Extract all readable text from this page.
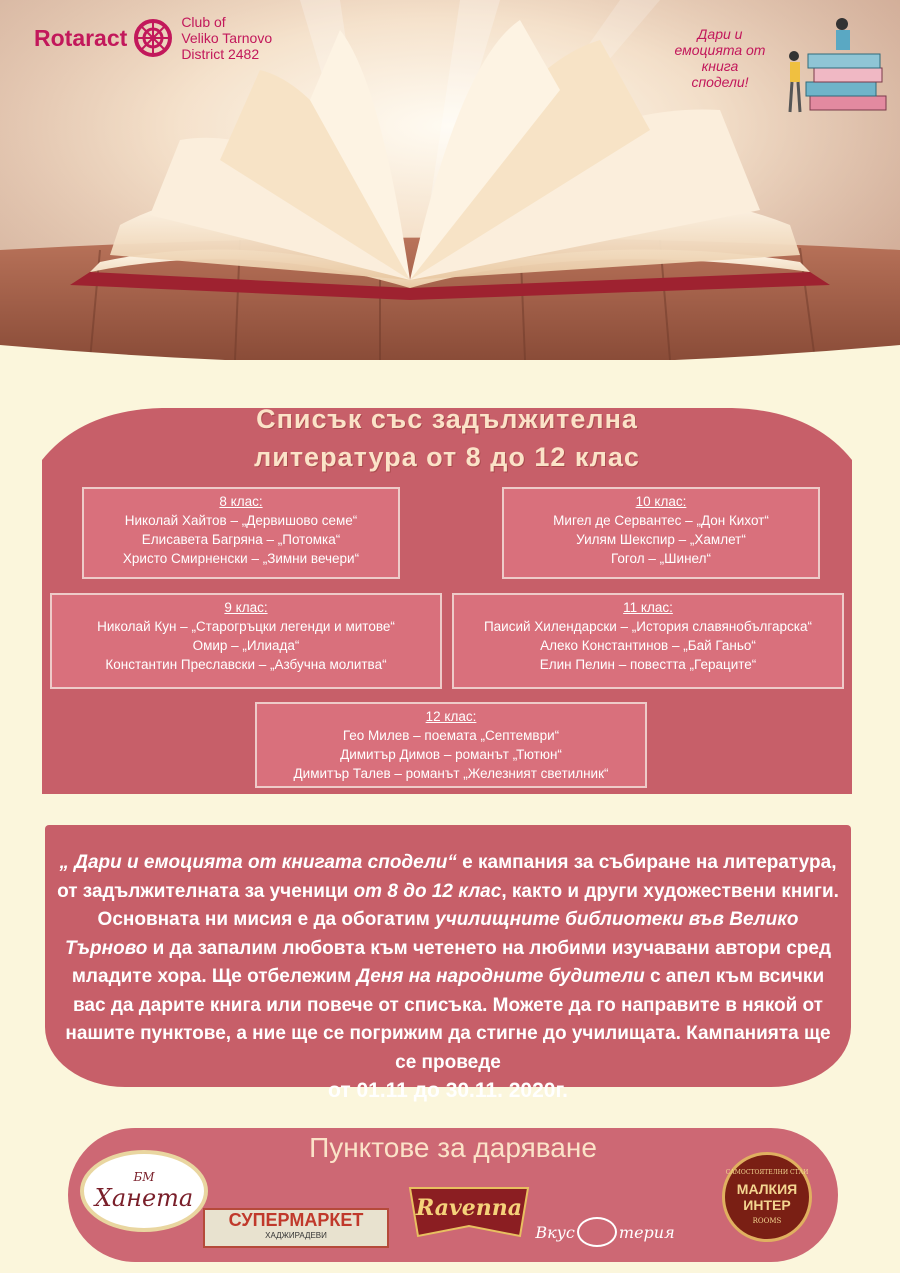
Rotaract
Club of
Veliko Tarnovo
District 2482
Дари и
емоцията от
книга
сподели!
Списък със задължителна
литература от 8 до 12 клас
8 клас:
Николай Хайтов – „Дервишово семе“
Елисавета Багряна – „Потомка“
Христо Смирненски – „Зимни вечери“
10 клас:
Мигел де Сервантес – „Дон Кихот“
Уилям Шекспир – „Хамлет“
Гогол – „Шинел“
9 клас:
Николай Кун – „Старогръцки легенди и митове“
Омир – „Илиада“
Константин Преславски – „Азбучна молитва“
11 клас:
Паисий Хилендарски – „История славянобългарска“
Алеко Константинов – „Бай Ганьо“
Елин Пелин – повестта „Гераците“
12 клас:
Гео Милев – поемата „Септември“
Димитър Димов – романът „Тютюн“
Димитър Талев – романът „Железният светилник“
„ Дари и емоцията от книгата сподели“ е кампания за събиране на литература, от задължителната за ученици от 8 до 12 клас, както и други художествени книги. Основната ни мисия е да обогатим училищните библиотеки във Велико Търново и да запалим любовта към четенето на любими изучавани автори сред младите хора. Ще отбележим Деня на народните будители с апел към всички вас да дарите книга или повече от списъка. Можете да го направите в някой от нашите пунктове, а ние ще се погрижим да стигне до училищата. Кампанията ще се проведе
от 01.11 до 30.11. 2020г.
Пунктове за даряване
БМ
Ханета
СУПЕРМАРКЕТ
ХАДЖИРАДЕВИ
Ravenna
Вкус	терия
САМОСТОЯТЕЛНИ СТАИ
МАЛКИЯ
ИНТЕР
ROOMS
